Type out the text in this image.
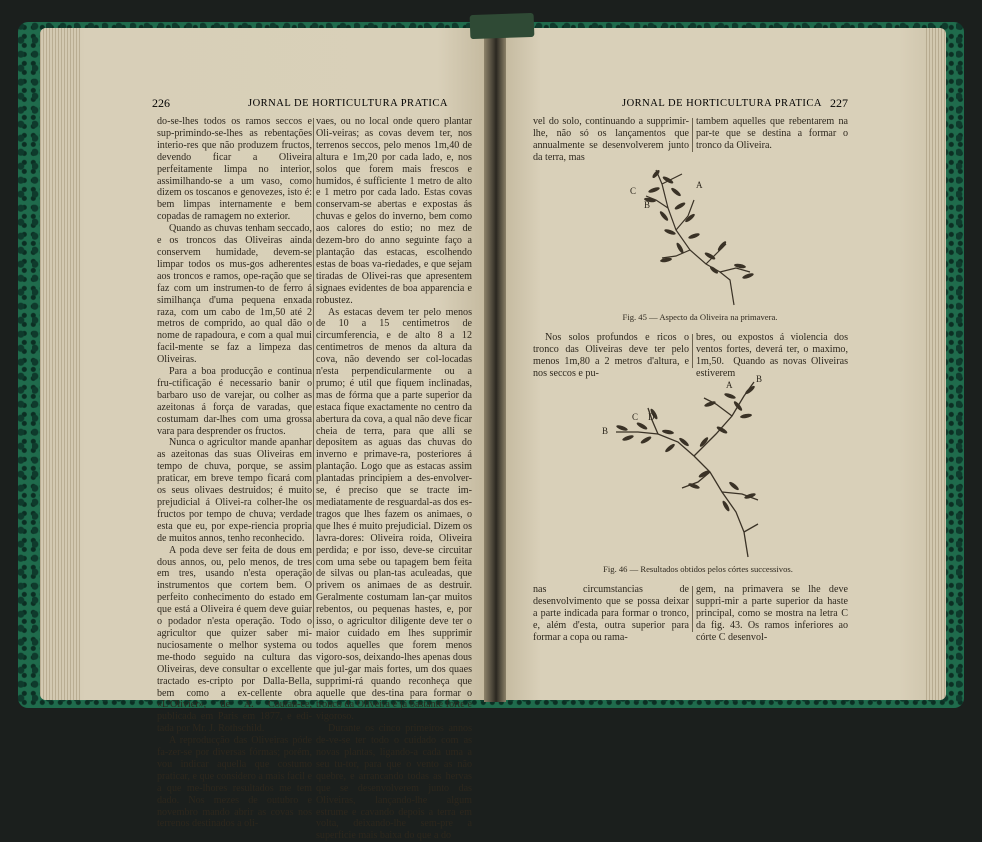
226	JORNAL DE HORTICULTURA PRATICA

do-se-lhes todos os ramos seccos e sup-primindo-se-lhes as rebentações interio-res que não produzem fructos, devendo ficar a Oliveira perfeitamente limpa no interior, assimilhando-se a um vaso, como dizem os toscanos e genovezes, isto é: bem limpas internamente e bem copadas de ramagem no exterior.

Quando as chuvas tenham seccado, e os troncos das Oliveiras ainda conservem humidade, devem-se limpar todos os mus-gos adherentes aos troncos e ramos, ope-ração que se faz com um instrumen-to de ferro á similhança d'uma pequena enxada raza, com um cabo de 1m,50 até 2 metros de comprido, ao qual dão o nome de rapadoura, e com a qual mui facil-mente se faz a limpeza das Oliveiras.

Para a boa producção e continua fru-ctificação é necessario banir o barbaro uso de varejar, ou colher as azeitonas á força de varadas, que costumam dar-lhes com uma grossa vara para desprender os fructos.

Nunca o agricultor mande apanhar as azeitonas das suas Oliveiras em tempo de chuva, porque, se assim praticar, em breve tempo ficará com os seus olivaes destruidos; é muito prejudicial á Olivei-ra colher-lhe os fructos por tempo de chuva; verdade esta que eu, por expe-riencia propria de muitos annos, tenho reconhecido.

A poda deve ser feita de dous em dous annos, ou, pelo menos, de tres em tres, usando n'esta operação instrumentos que cortem bem. O perfeito conhecimento do estado em que está a Oliveira é quem deve guiar o podador n'esta operação. Todo o agricultor que quizer saber mi-nuciosamente o melhor systema ou me-thodo seguido na cultura das Oliveiras, deve consultar o excellente tractado es-cripto por Dalla-Bella, bem como a ex-cellente obra «L'Olivier», de A. Coutan-ce, publicada em Paris em 1877, e edi-tada por Mr. J. Rothschild.

A reproducção das Oliveiras póde fa-zer-se por diversas fórmas; porém, vou indicar aquella que costumo praticar, e que considero a mais facil e a que me-lhores resultados me tem dado. Nos mezes de outubro e novembro mando abrir as covas nos terrenos destinados a oli-

vaes, ou no local onde quero plantar Oli-veiras; as covas devem ter, nos terrenos seccos, pelo menos 1m,40 de altura e 1m,20 por cada lado, e, nos solos que forem mais frescos e humidos, é sufficiente 1 metro de alto e 1 metro por cada lado. Estas covas conservam-se abertas e expostas ás chuvas e gelos do inverno, bem como aos calores do estio; no mez de dezem-bro do anno seguinte faço a plantação das estacas, escolhendo estas de boas va-riedades, e que sejam tiradas de Olivei-ras que apresentem signaes evidentes de boa apparencia e robustez.

As estacas devem ter pelo menos de 10 a 15 centimetros de circumferencia, e de alto 8 a 12 centimetros de menos da altura da cova, não devendo ser col-locadas n'esta perpendicularmente ou a prumo; é util que fiquem inclinadas, mas de fórma que a parte superior da estaca fique exactamente no centro da abertura da cova, a qual não deve ficar cheia de terra, para que alli se depositem as aguas das chuvas do inverno e primave-ra, posteriores á plantação. Logo que as estacas assim plantadas principiem a des-envolver-se, é preciso que se tracte im-mediatamente de resguardal-as dos es-tragos que lhes fazem os animaes, o que lhes é muito prejudicial. Dizem os lavra-dores: Oliveira roida, Oliveira perdida; e por isso, deve-se circuitar com uma sebe ou tapagem bem feita de silvas ou plan-tas aculeadas, que privem os animaes de as destruir. Geralmente costumam lan-çar muitos rebentos, ou pequenas hastes, e, por isso, o agricultor diligente deve ter o maior cuidado em lhes supprimir todos aquelles que forem menos vigoro-sos, deixando-lhes apenas dous que jul-gar mais fortes, um dos quaes supprimi-rá quando reconheça que aquelle que des-tina para formar o tronco da Oliveira é já bastante forte e vigoroso.

Durante os cinco primeiros annos de-ve-se ter todo o cuidado com as novas plantas, ligando-a cada uma a seu tu-tor, para que o vento as não quebre, e arrancando todas as hervas que se desenvolverem junto das Oliveiras, lançando-lhe algum estrume e cavando depois a terra em volta, deixando-lhe sem-pre a superficie mais baixa do que a do

JORNAL DE HORTICULTURA PRATICA 227

vel do solo, continuando a supprimir-lhe, não só os lançamentos que annualmente se desenvolverem junto da terra, mas

tambem aquelles que rebentarem na par-te que se destina a formar o tronco da Oliveira.

C
A
B
Fig. 45 — Aspecto da Oliveira na primavera.

Nos solos profundos e ricos o tronco das Oliveiras deve ter pelo menos 1m,80 a 2 metros d'altura, e nos seccos e pu-

bres, ou expostos á violencia dos ventos fortes, deverá ter, o maximo, 1m,50.  Quando as novas Oliveiras estiverem

B
C D
A
B
Fig. 46 — Resultados obtidos pelos córtes successivos.

nas circumstancias de desenvolvimento que se possa deixar a parte indicada para formar o tronco, e, além d'esta, outra superior para formar a copa ou rama-

gem, na primavera se lhe deve suppri-mir a parte superior da haste principal, como se mostra na letra C da fig. 43. Os ramos inferiores ao córte C desenvol-
